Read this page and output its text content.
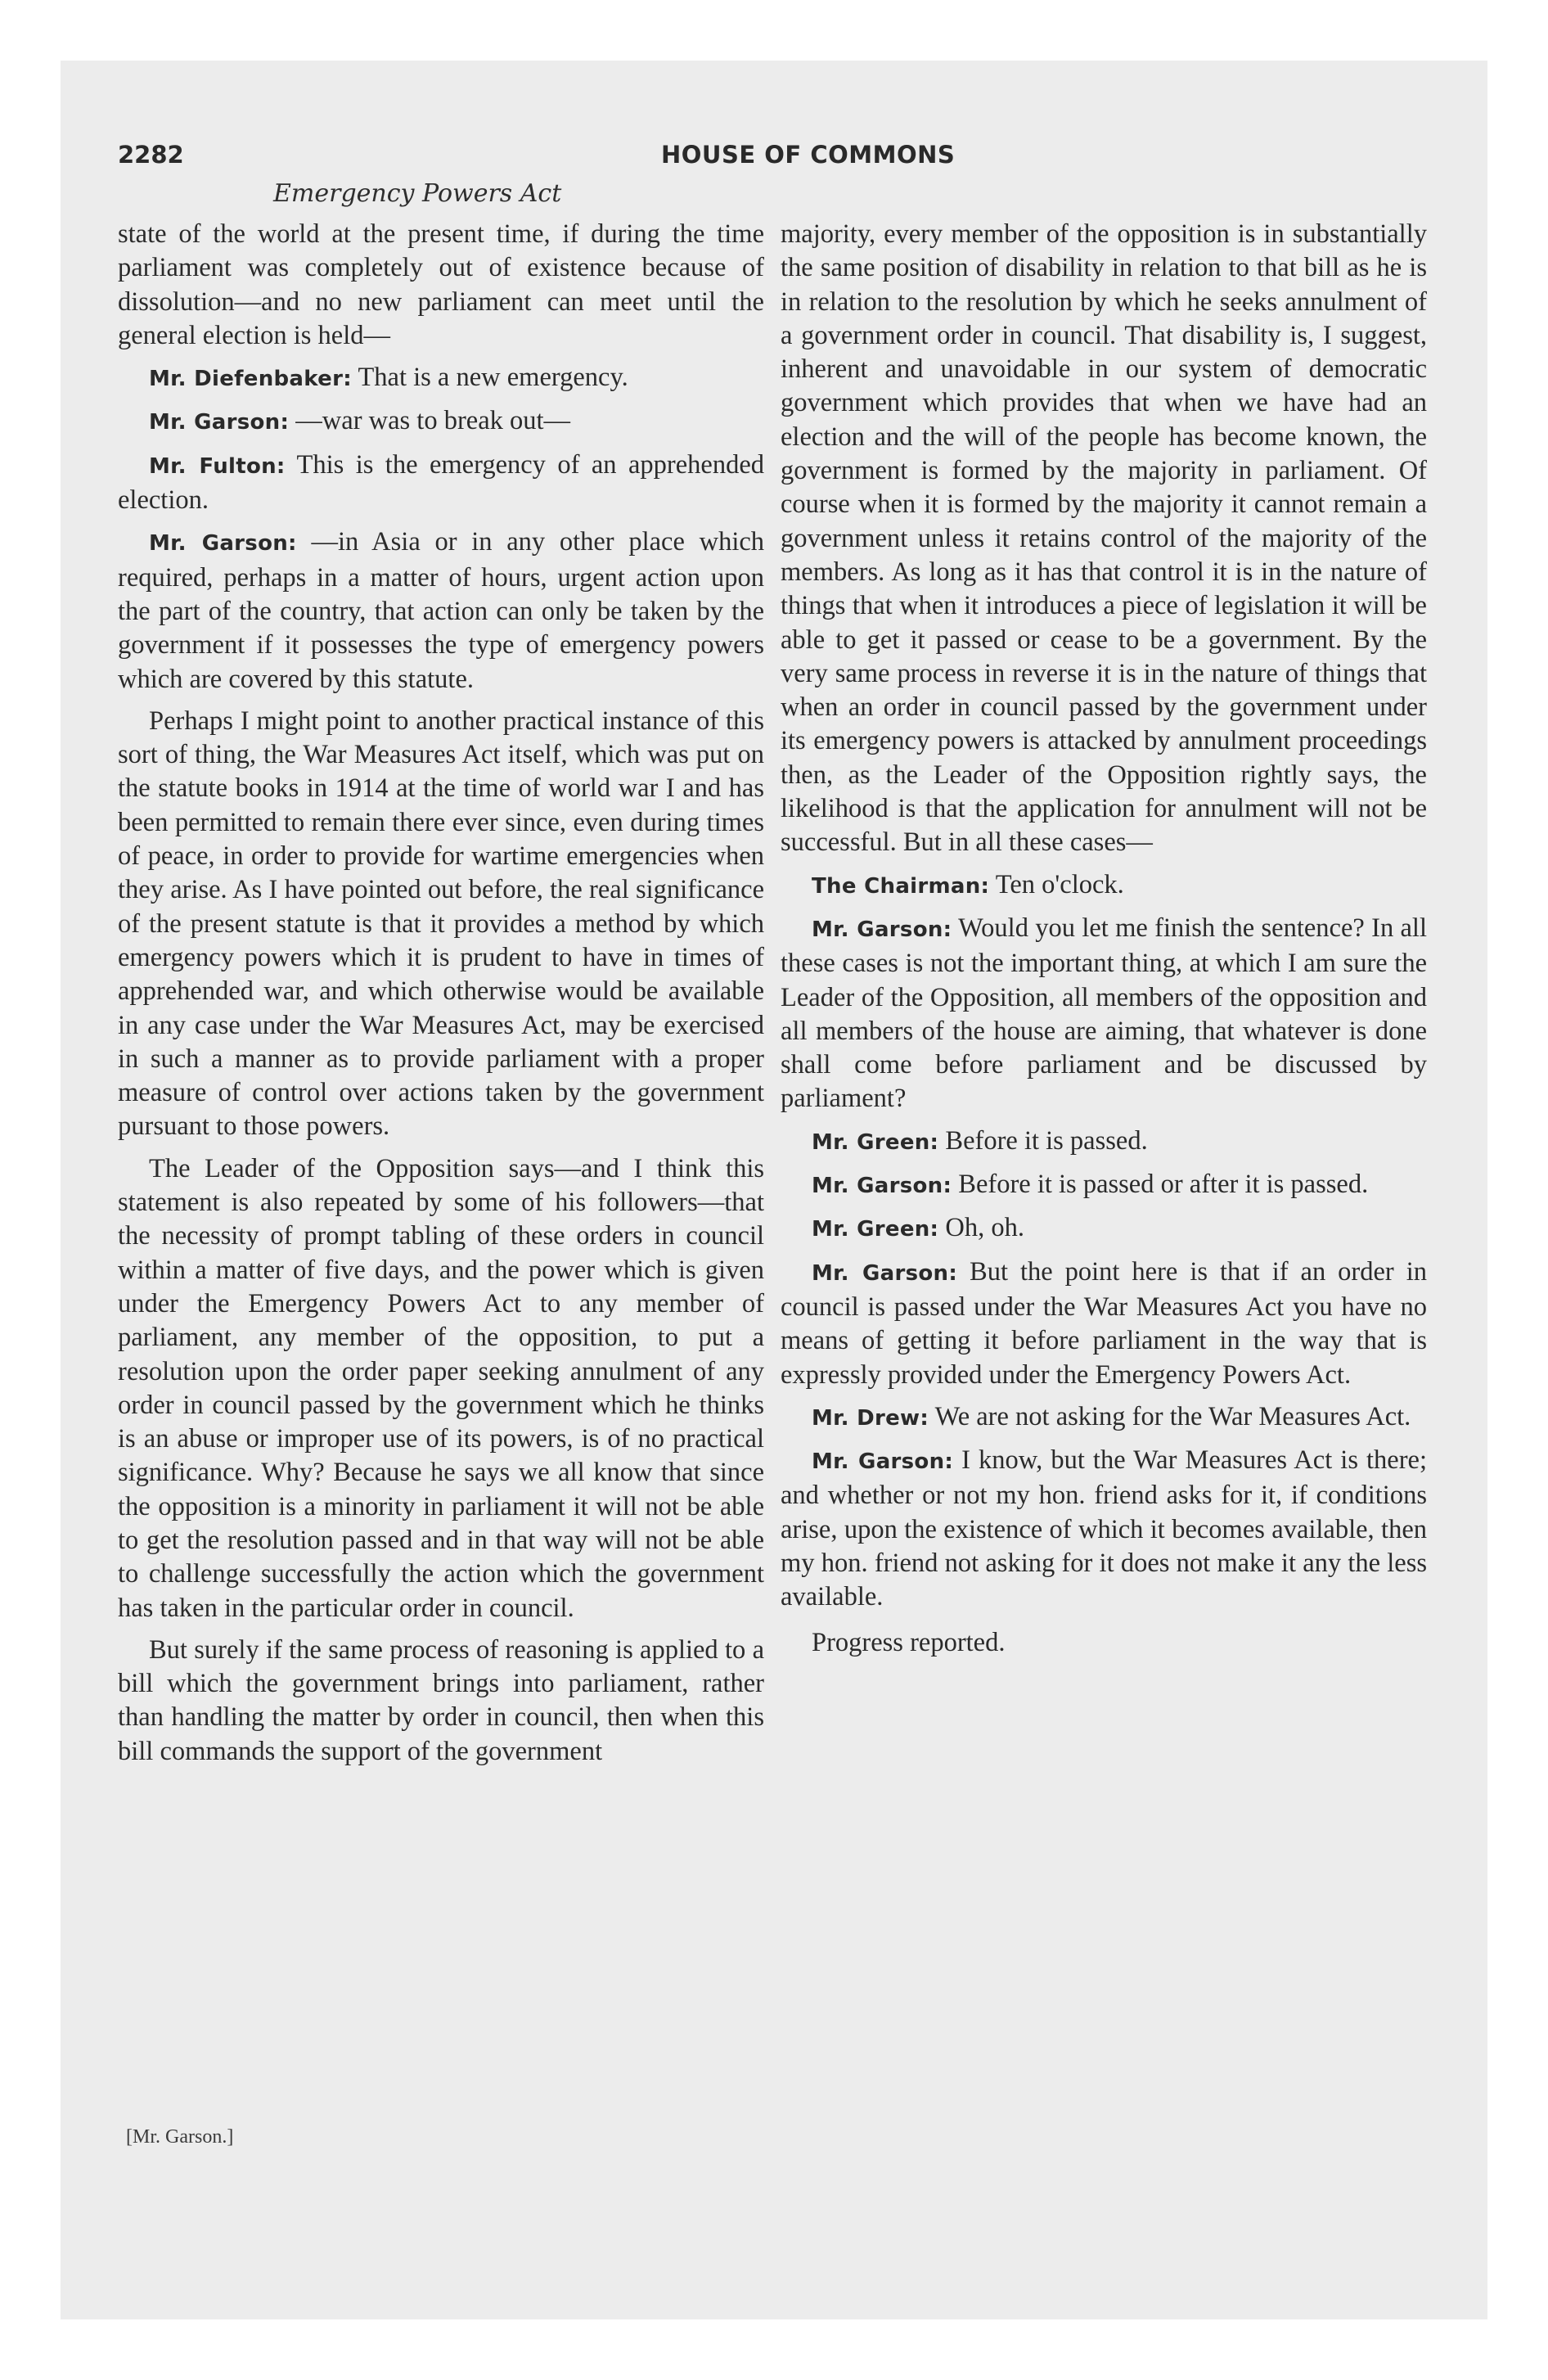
2282	HOUSE OF COMMONS
Emergency Powers Act

state of the world at the present time, if during the time parliament was completely out of existence because of dissolution—and no new parliament can meet until the general election is held—

Mr. Diefenbaker: That is a new emergency.

Mr. Garson: —war was to break out—

Mr. Fulton: This is the emergency of an apprehended election.

Mr. Garson: —in Asia or in any other place which required, perhaps in a matter of hours, urgent action upon the part of the country, that action can only be taken by the government if it possesses the type of emergency powers which are covered by this statute.

Perhaps I might point to another practical instance of this sort of thing, the War Measures Act itself, which was put on the statute books in 1914 at the time of world war I and has been permitted to remain there ever since, even during times of peace, in order to provide for wartime emergencies when they arise. As I have pointed out before, the real significance of the present statute is that it provides a method by which emergency powers which it is prudent to have in times of apprehended war, and which otherwise would be available in any case under the War Measures Act, may be exercised in such a manner as to provide parliament with a proper measure of control over actions taken by the government pursuant to those powers.

The Leader of the Opposition says—and I think this statement is also repeated by some of his followers—that the necessity of prompt tabling of these orders in council within a matter of five days, and the power which is given under the Emergency Powers Act to any member of parliament, any member of the opposition, to put a resolution upon the order paper seeking annulment of any order in council passed by the government which he thinks is an abuse or improper use of its powers, is of no practical significance. Why? Because he says we all know that since the opposition is a minority in parliament it will not be able to get the resolution passed and in that way will not be able to challenge successfully the action which the government has taken in the particular order in council.

But surely if the same process of reasoning is applied to a bill which the government brings into parliament, rather than handling the matter by order in council, then when this bill commands the support of the government

majority, every member of the opposition is in substantially the same position of disability in relation to that bill as he is in relation to the resolution by which he seeks annulment of a government order in council. That disability is, I suggest, inherent and unavoidable in our system of democratic government which provides that when we have had an election and the will of the people has become known, the government is formed by the majority in parliament. Of course when it is formed by the majority it cannot remain a government unless it retains control of the majority of the members. As long as it has that control it is in the nature of things that when it introduces a piece of legislation it will be able to get it passed or cease to be a government. By the very same process in reverse it is in the nature of things that when an order in council passed by the government under its emergency powers is attacked by annulment proceedings then, as the Leader of the Opposition rightly says, the likelihood is that the application for annulment will not be successful. But in all these cases—

The Chairman: Ten o'clock.

Mr. Garson: Would you let me finish the sentence? In all these cases is not the important thing, at which I am sure the Leader of the Opposition, all members of the opposition and all members of the house are aiming, that whatever is done shall come before parliament and be discussed by parliament?

Mr. Green: Before it is passed.

Mr. Garson: Before it is passed or after it is passed.

Mr. Green: Oh, oh.

Mr. Garson: But the point here is that if an order in council is passed under the War Measures Act you have no means of getting it before parliament in the way that is expressly provided under the Emergency Powers Act.

Mr. Drew: We are not asking for the War Measures Act.

Mr. Garson: I know, but the War Measures Act is there; and whether or not my hon. friend asks for it, if conditions arise, upon the existence of which it becomes available, then my hon. friend not asking for it does not make it any the less available.

Progress reported.

[Mr. Garson.]
